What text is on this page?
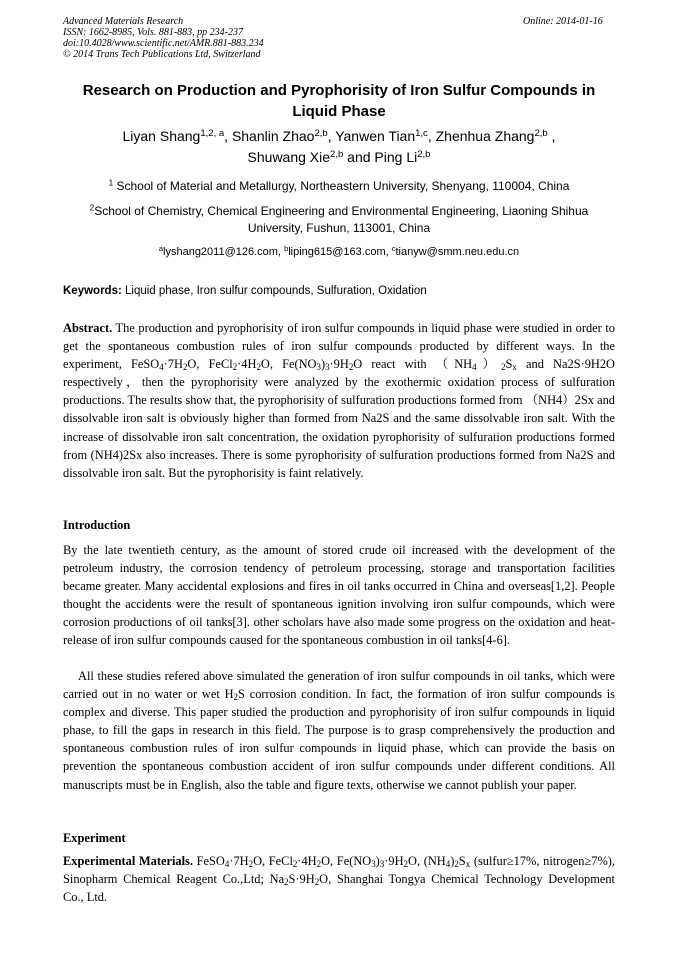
Advanced Materials Research
ISSN: 1662-8985, Vols. 881-883, pp 234-237
doi:10.4028/www.scientific.net/AMR.881-883.234
© 2014 Trans Tech Publications Ltd, Switzerland
Online: 2014-01-16
Research on Production and Pyrophorisity of Iron Sulfur Compounds in
Liquid Phase
Liyan Shang$^{1,2, a}$, Shanlin Zhao$^{2,b}$, Yanwen Tian$^{1,c}$, Zhenhua Zhang$^{2,b}$ ,
Shuwang Xie$^{2,b}$ and Ping Li$^{2,b}$
$^1$ School of Material and Metallurgy, Northeastern University, Shenyang, 110004, China
$^2$School of Chemistry, Chemical Engineering and Environmental Engineering, Liaoning Shihua
University, Fushun, 113001, China
$^a$lyshang2011@126.com, $^b$liping615@163.com, $^c$tianyw@smm.neu.edu.cn
Keywords: Liquid phase, Iron sulfur compounds, Sulfuration, Oxidation
Abstract. The production and pyrophorisity of iron sulfur compounds in liquid phase were studied in order to get the spontaneous combustion rules of iron sulfur compounds producted by different ways. In the experiment, $FeSO_4\cdot 7H_2O$, $FeCl_2\cdot 4H_2O$, $Fe(NO_3)_3\cdot 9H_2O$ react with $(NH_4)_2S_x$ and Na2S·9H2O respectively，then the pyrophorisity were analyzed by the exothermic oxidation process of sulfuration productions. The results show that, the pyrophorisity of sulfuration productions formed from （NH4）2Sx and dissolvable iron salt is obviously higher than formed from Na2S and the same dissolvable iron salt. With the increase of dissolvable iron salt concentration, the oxidation pyrophorisity of sulfuration productions formed from (NH4)2Sx also increases. There is some pyrophorisity of sulfuration productions formed from Na2S and dissolvable iron salt. But the pyrophorisity is faint relatively.
Introduction
By the late twentieth century, as the amount of stored crude oil increased with the development of the petroleum industry, the corrosion tendency of petroleum processing, storage and transportation facilities became greater. Many accidental explosions and fires in oil tanks occurred in China and overseas[1,2]. People thought the accidents were the result of spontaneous ignition involving iron sulfur compounds, which were corrosion productions of oil tanks[3]. other scholars have also made some progress on the oxidation and heat-release of iron sulfur compounds caused for the spontaneous combustion in oil tanks[4-6].
All these studies refered above simulated the generation of iron sulfur compounds in oil tanks, which were carried out in no water or wet $H_2S$ corrosion condition. In fact, the formation of iron sulfur compounds is complex and diverse. This paper studied the production and pyrophorisity of iron sulfur compounds in liquid phase, to fill the gaps in research in this field. The purpose is to grasp comprehensively the production and spontaneous combustion rules of iron sulfur compounds in liquid phase, which can provide the basis on prevention the spontaneous combustion accident of iron sulfur compounds under different conditions. All manuscripts must be in English, also the table and figure texts, otherwise we cannot publish your paper.
Experiment
Experimental Materials. $FeSO_4\cdot 7H_2O$, $FeCl_2\cdot 4H_2O$, $Fe(NO_3)_3\cdot 9H_2O$, $(NH_4)_2S_x$ (sulfur≥17%, nitrogen≥7%), Sinopharm Chemical Reagent Co.,Ltd; $Na_2S\cdot 9H_2O$, Shanghai Tongya Chemical Technology Development Co., Ltd.
